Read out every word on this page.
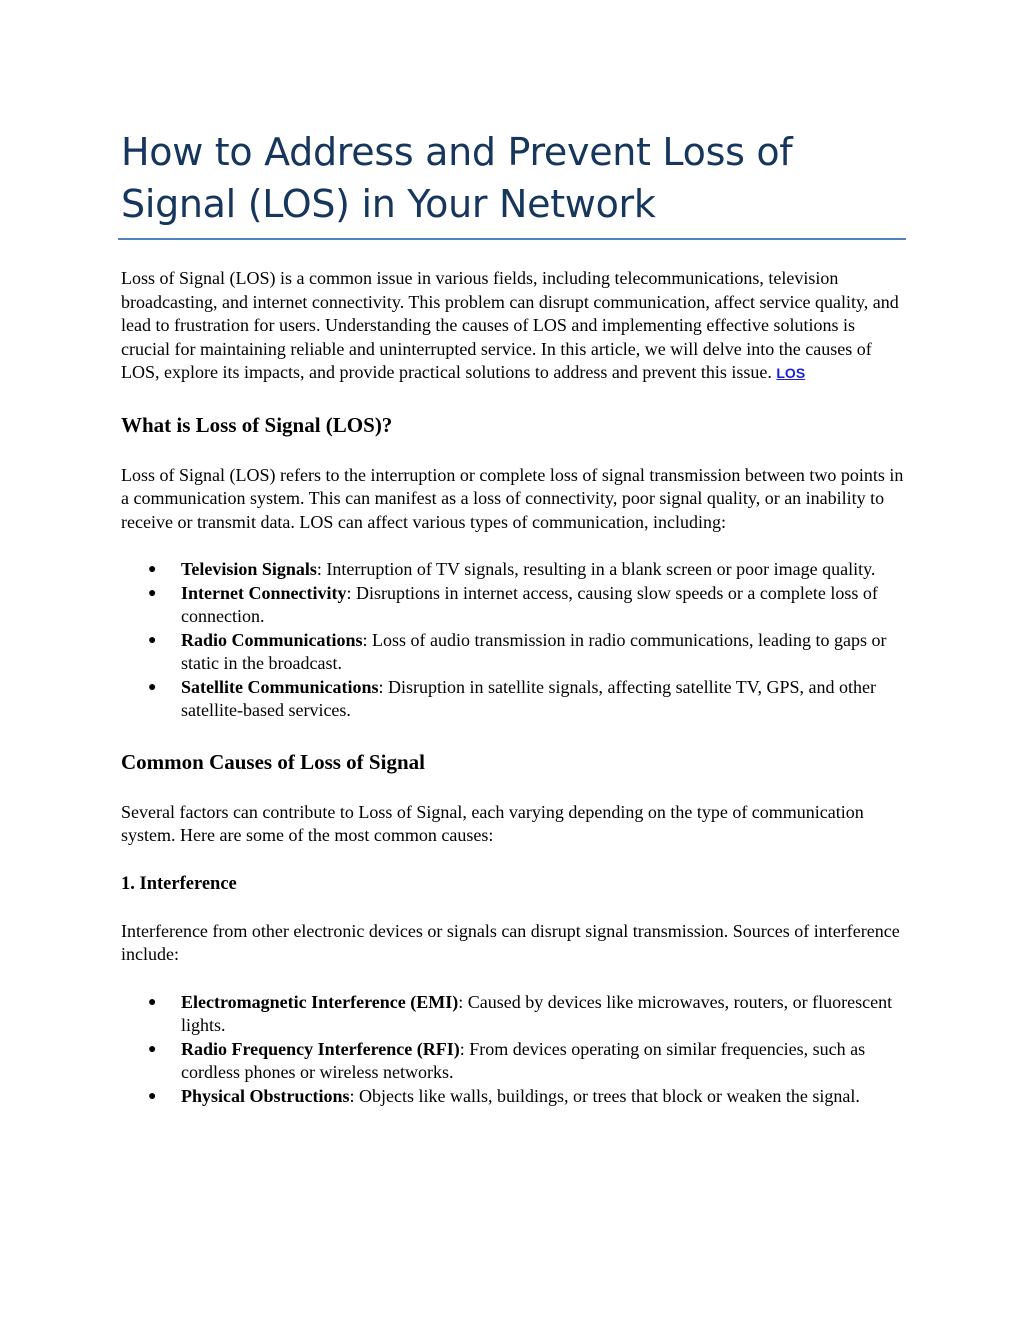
How to Address and Prevent Loss of
Signal (LOS) in Your Network

Loss of Signal (LOS) is a common issue in various fields, including telecommunications, television broadcasting, and internet connectivity. This problem can disrupt communication, affect service quality, and lead to frustration for users. Understanding the causes of LOS and implementing effective solutions is crucial for maintaining reliable and uninterrupted service. In this article, we will delve into the causes of LOS, explore its impacts, and provide practical solutions to address and prevent this issue. LOS

What is Loss of Signal (LOS)?

Loss of Signal (LOS) refers to the interruption or complete loss of signal transmission between two points in a communication system. This can manifest as a loss of connectivity, poor signal quality, or an inability to receive or transmit data. LOS can affect various types of communication, including:

● Television Signals: Interruption of TV signals, resulting in a blank screen or poor image quality.
● Internet Connectivity: Disruptions in internet access, causing slow speeds or a complete loss of connection.
● Radio Communications: Loss of audio transmission in radio communications, leading to gaps or static in the broadcast.
● Satellite Communications: Disruption in satellite signals, affecting satellite TV, GPS, and other satellite-based services.
Common Causes of Loss of Signal

Several factors can contribute to Loss of Signal, each varying depending on the type of communication system. Here are some of the most common causes:

1. Interference

Interference from other electronic devices or signals can disrupt signal transmission. Sources of interference include:

● Electromagnetic Interference (EMI): Caused by devices like microwaves, routers, or fluorescent lights.
● Radio Frequency Interference (RFI): From devices operating on similar frequencies, such as cordless phones or wireless networks.
● Physical Obstructions: Objects like walls, buildings, or trees that block or weaken the signal.
